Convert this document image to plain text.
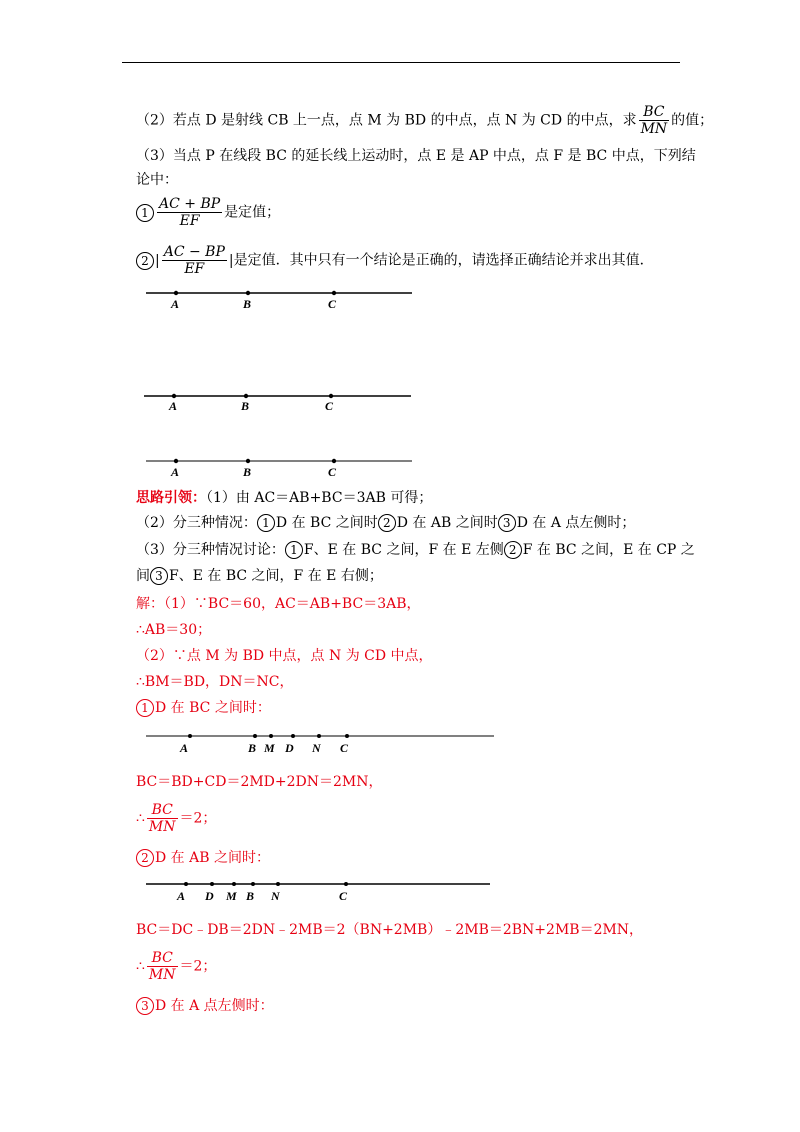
（2）若点 D 是射线 CB 上一点，点 M 为 BD 的中点，点 N 为 CD 的中点，求 $\frac{BC}{MN}$ 的值；
（3）当点 P 在线段 BC 的延长线上运动时，点 E 是 AP 中点，点 F 是 BC 中点，下列结
论中：
$1 \frac{AC + BP}{EF}$ 是定值；
2 | $\frac{AC - BP}{EF}$ |是定值．其中只有一个结论是正确的，请选择正确结论并求出其值．
A	B	C
A	B	C
A	B	C
思路引领：（1）由 AC＝AB+BC＝3AB 可得；
（2）分三种情况： 1 D 在 BC 之间时 2 D 在 AB 之间时 3 D 在 A 点左侧时；
（3）分三种情况讨论： 1 F、E 在 BC 之间，F 在 E 左侧 2 F 在 BC 之间，E 在 CP 之
间 3 F、E 在 BC 之间，F 在 E 右侧；
解：（1）∵BC＝60，AC＝AB+BC＝3AB，
∴AB＝30；
（2）∵点 M 为 BD 中点，点 N 为 CD 中点，
∴BM＝BD，DN＝NC，
1 D 在 BC 之间时：
A	B M D N C
BC＝BD+CD＝2MD+2DN＝2MN，
∴ $\frac{BC}{MN} =2$；
2 D 在 AB 之间时：
A D M B N	C
BC＝DC﹣DB＝2DN﹣2MB＝2（BN+2MB）﹣2MB＝2BN+2MB＝2MN，
∴ $\frac{BC}{MN} =2$；
3 D 在 A 点左侧时：
